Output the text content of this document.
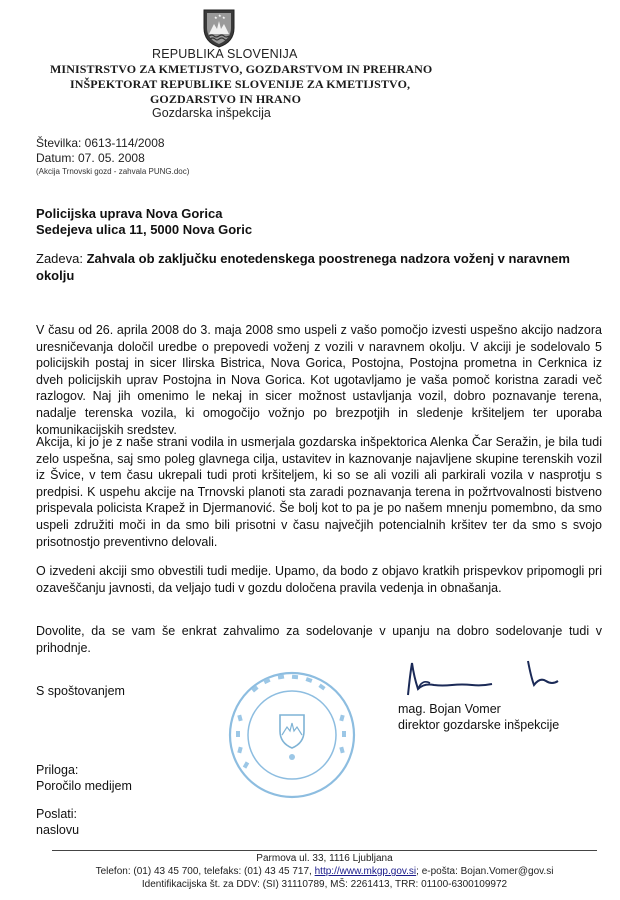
★ ★ ★
REPUBLIKA SLOVENIJA
MINISTRSTVO ZA KMETIJSTVO, GOZDARSTVOM IN PREHRANO
INŠPEKTORAT REPUBLIKE SLOVENIJE ZA KMETIJSTVO,
GOZDARSTVO IN HRANO
Gozdarska inšpekcija
Številka: 0613-114/2008
Datum: 07. 05. 2008
(Akcija Trnovski gozd - zahvala PUNG.doc)
Policijska uprava Nova Gorica
Sedejeva ulica 11, 5000 Nova Goric
Zadeva: Zahvala ob zaključku enotedenskega poostrenega nadzora voženj v naravnem okolju
V času od 26. aprila 2008 do 3. maja 2008 smo uspeli z vašo pomočjo izvesti uspešno akcijo nadzora uresničevanja določil uredbe o prepovedi voženj z vozili v naravnem okolju. V akciji je sodelovalo 5 policijskih postaj in sicer Ilirska Bistrica, Nova Gorica, Postojna, Postojna prometna in Cerknica iz dveh policijskih uprav Postojna in Nova Gorica. Kot ugotavljamo je vaša pomoč koristna zaradi več razlogov. Naj jih omenimo le nekaj in sicer možnost ustavljanja vozil, dobro poznavanje terena, nadalje terenska vozila, ki omogočijo vožnjo po brezpotjih in sledenje kršiteljem ter uporaba komunikacijskih sredstev.
Akcija, ki jo je z naše strani vodila in usmerjala gozdarska inšpektorica Alenka Čar Seražin, je bila tudi zelo uspešna, saj smo poleg glavnega cilja, ustavitev in kaznovanje najavljene skupine terenskih vozil iz Švice, v tem času ukrepali tudi proti kršiteljem, ki so se ali vozili ali parkirali vozila v nasprotju s predpisi. K uspehu akcije na Trnovski planoti sta zaradi poznavanja terena in požrtvovalnosti bistveno prispevala policista Krapež in Djermanović. Še bolj kot to pa je po našem mnenju pomembno, da smo uspeli združiti moči in da smo bili prisotni v času največjih potencialnih kršitev ter da smo s svojo prisotnostjo preventivno delovali.
O izvedeni akciji smo obvestili tudi medije. Upamo, da bodo z objavo kratkih prispevkov pripomogli pri ozaveščanju javnosti, da veljajo tudi v gozdu določena pravila vedenja in obnašanja.
Dovolite, da se vam še enkrat zahvalimo za sodelovanje v upanju na dobro sodelovanje tudi v prihodnje.
S spoštovanjem
mag. Bojan Vomer
direktor gozdarske inšpekcije
Priloga:
Poročilo medijem
Poslati:
naslovu
Parmova ul. 33, 1116 Ljubljana
Telefon: (01) 43 45 700, telefaks: (01) 43 45 717, http://www.mkgp.gov.si; e-pošta: Bojan.Vomer@gov.si
Identifikacijska št. za DDV: (SI) 31110789, MŠ: 2261413, TRR: 01100-6300109972
